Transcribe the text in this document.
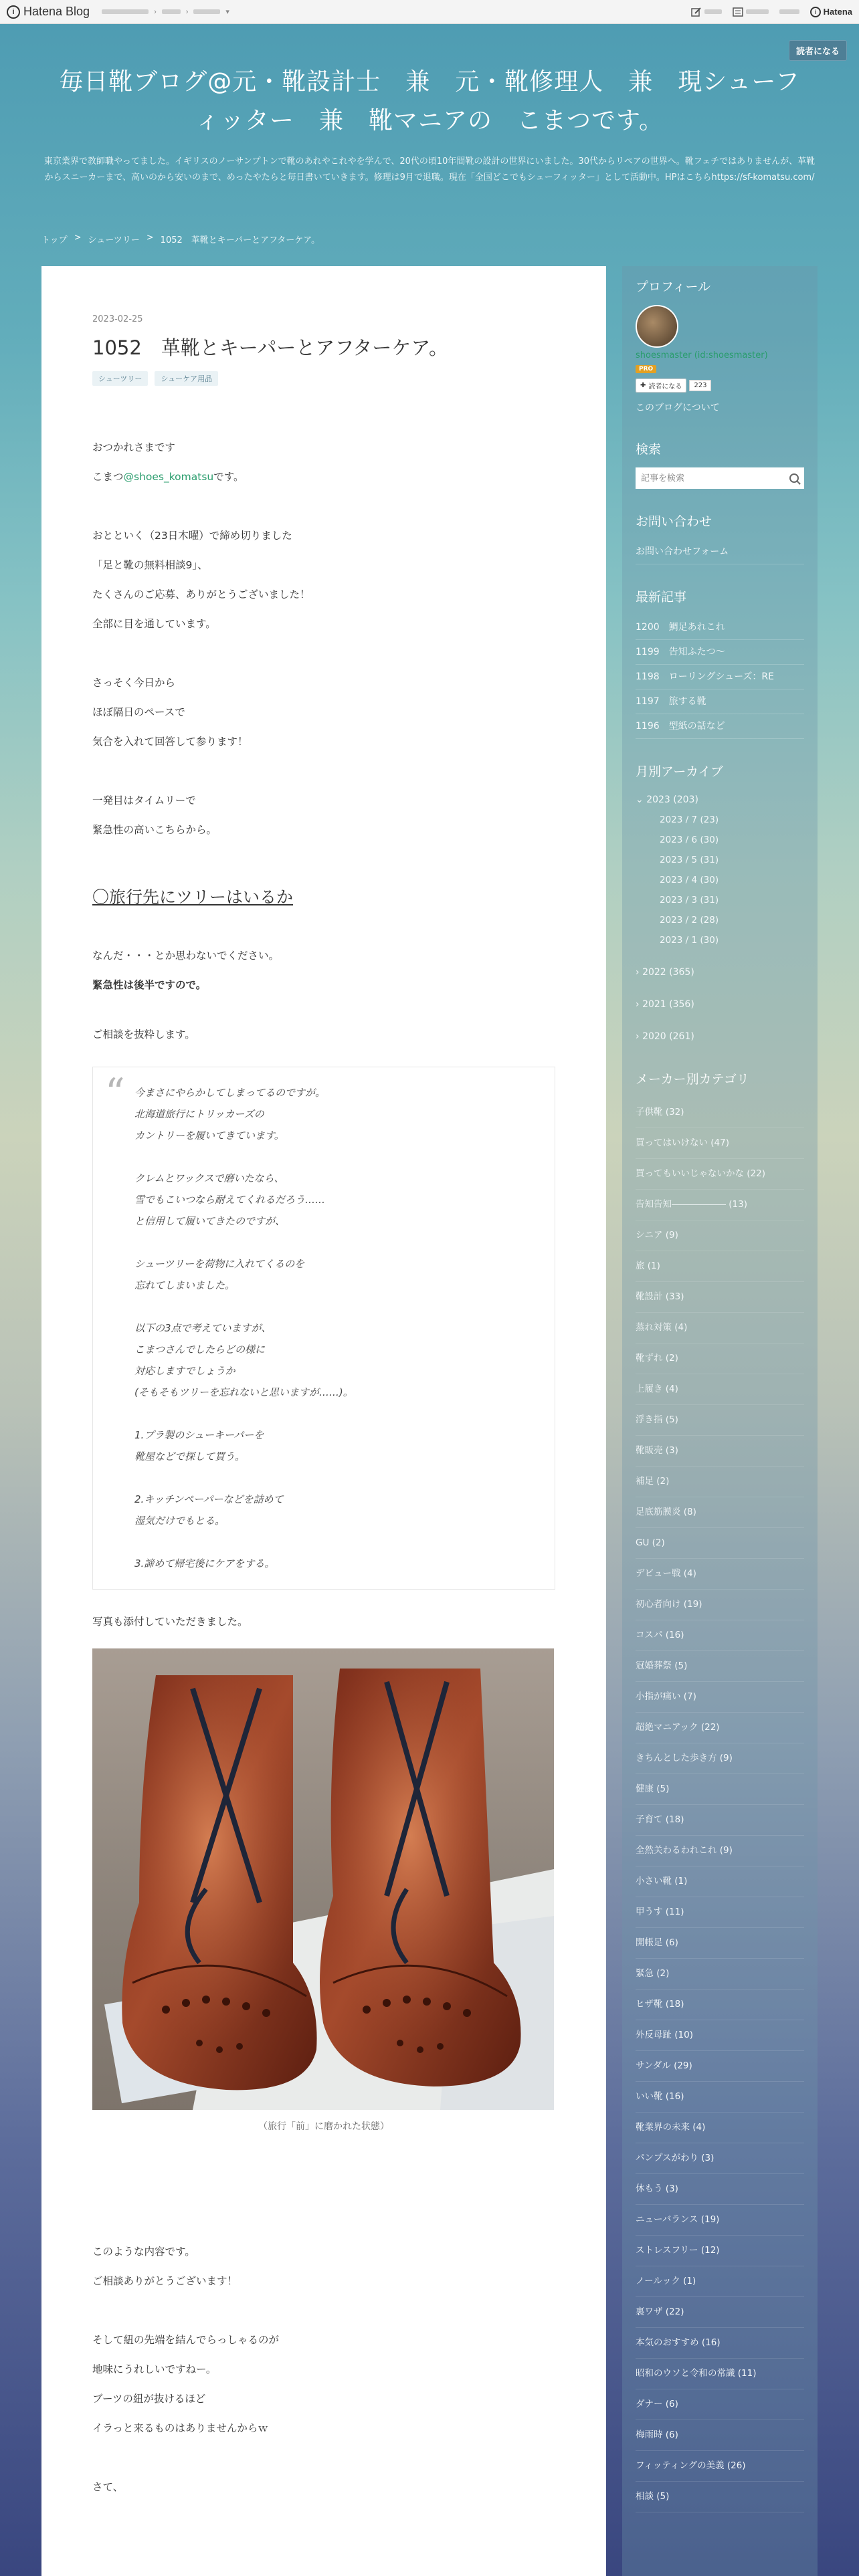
i Hatena Blog	›	›	▾	i Hatena
読者になる
毎日靴ブログ@元・靴設計士　兼　元・靴修理人　兼　現シューフィッター　兼　靴マニアの　こまつです。

東京業界で教師職やってました。イギリスのノーサンプトンで靴のあれやこれやを学んで、20代の頃10年間靴の設計の世界にいました。30代からリペアの世界へ。靴フェチではありませんが、革靴からスニーカーまで、高いのから安いのまで、めったやたらと毎日書いていきます。修理は9月で退職。現在「全国どこでもシューフィッター」として活動中。HPはこちらhttps://sf-komatsu.com/

トップ > シューツリー > 1052　革靴とキーパーとアフターケア。
2023-02-25
1052　革靴とキーパーとアフターケア。
シューツリー	シューケア用品

おつかれさまです

こまつ@shoes_komatsuです。

おとといく（23日木曜）で締め切りました

「足と靴の無料相談9」、

たくさんのご応募、ありがとうございました！

全部に目を通しています。

さっそく今日から

ほぼ隔日のペースで

気合を入れて回答して参ります！

一発目はタイムリーで

緊急性の高いこちらから。

〇旅行先にツリーはいるか

なんだ・・・とか思わないでください。

緊急性は後半ですので。

ご相談を抜粋します。

“ 今まさにやらかしてしまってるのですが。

北海道旅行にトリッカーズの

カントリーを履いてきています。

クレムとワックスで磨いたなら、

雪でもこいつなら耐えてくれるだろう……

と信用して履いてきたのですが、

シューツリーを荷物に入れてくるのを

忘れてしまいました。

以下の3点で考えていますが、

こまつさんでしたらどの様に

対応しますでしょうか

(そもそもツリーを忘れないと思いますが……)。

1.プラ製のシューキーパーを

靴屋などで探して買う。

2.キッチンペーパーなどを詰めて

湿気だけでもとる。

3.諦めて帰宅後にケアをする。

写真も添付していただきました。

（旅行「前」に磨かれた状態）

このような内容です。

ご相談ありがとうございます！

そして紐の先端を結んでらっしゃるのが

地味にうれしいですねー。

ブーツの紐が抜けるほど

イラっと来るものはありませんからｗ

さて、

プロフィール
shoesmaster (id:shoesmaster)
PRO
✚ 読者になる 223
このブログについて
検索
記事を検索
お問い合わせ
お問い合わせフォーム
最新記事
1200　鯛足あれこれ
1199　告知ふたつ〜
1198　ローリングシューズ：RE
1197　旅する靴
1196　型紙の話など
月別アーカイブ
⌄ 2023 (203)
2023 / 7 (23)
2023 / 6 (30)
2023 / 5 (31)
2023 / 4 (30)
2023 / 3 (31)
2023 / 2 (28)
2023 / 1 (30)
› 2022 (365)
› 2021 (356)
› 2020 (261)
メーカー別カテゴリ
子供靴 (32)
買ってはいけない (47)
買ってもいいじゃないかな (22)
告知告知―――――― (13)
シニア (9)
旅 (1)
靴設計 (33)
蒸れ対策 (4)
靴ずれ (2)
上履き (4)
浮き指 (5)
靴販売 (3)
補足 (2)
足底筋膜炎 (8)
GU (2)
デビュー戦 (4)
初心者向け (19)
コスパ (16)
冠婚葬祭 (5)
小指が痛い (7)
超絶マニアック (22)
きちんとした歩き方 (9)
健康 (5)
子育て (18)
全然关わるわれこれ (9)
小さい靴 (1)
甲うす (11)
開帳足 (6)
緊急 (2)
ヒザ靴 (18)
外反母趾 (10)
サンダル (29)
いい靴 (16)
靴業界の未来 (4)
パンプスがわり (3)
休もう (3)
ニューバランス (19)
ストレスフリー (12)
ノールック (1)
裏ワザ (22)
本気のおすすめ (16)
昭和のウソと令和の常識 (11)
ダナー (6)
梅雨時 (6)
フィッティングの美義 (26)
相談 (5)
